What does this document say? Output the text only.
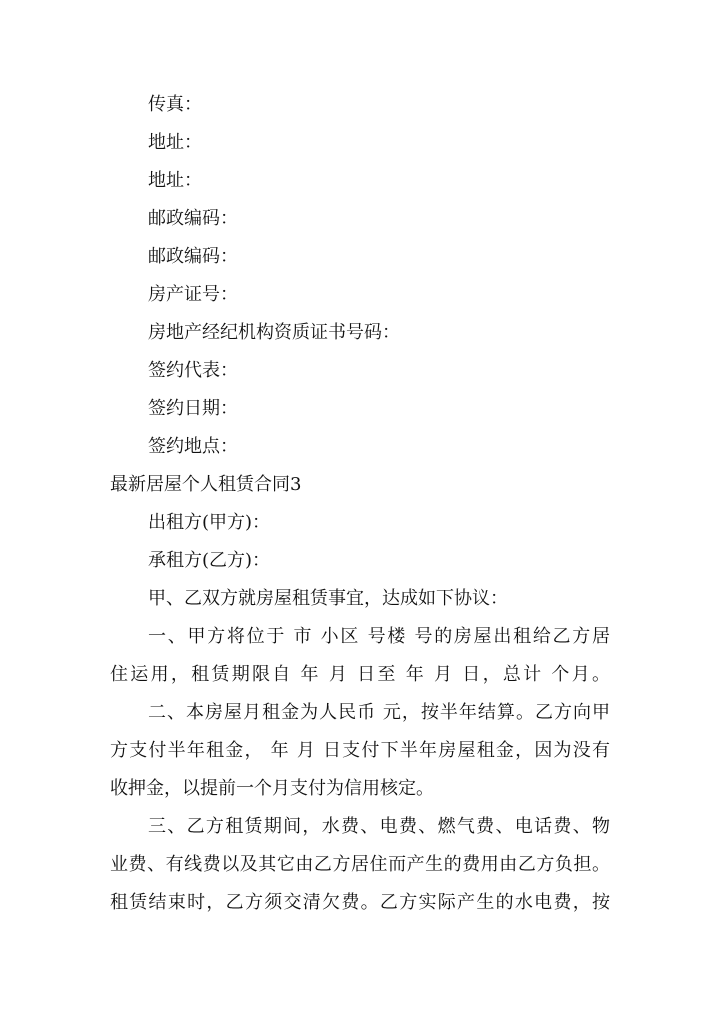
传真：
地址：
地址：
邮政编码：
邮政编码：
房产证号：
房地产经纪机构资质证书号码：
签约代表：
签约日期：
签约地点：
最新居屋个人租赁合同3
出租方(甲方)：
承租方(乙方)：
甲、乙双方就房屋租赁事宜，达成如下协议：
一、甲方将位于 市 小区 号楼 号的房屋出租给乙方居
住运用，租赁期限自 年 月 日至 年 月 日，总计 个月。
二、本房屋月租金为人民币 元，按半年结算。乙方向甲
方支付半年租金， 年 月 日支付下半年房屋租金，因为没有
收押金，以提前一个月支付为信用核定。
三、乙方租赁期间，水费、电费、燃气费、电话费、物
业费、有线费以及其它由乙方居住而产生的费用由乙方负担。
租赁结束时，乙方须交清欠费。乙方实际产生的水电费，按
